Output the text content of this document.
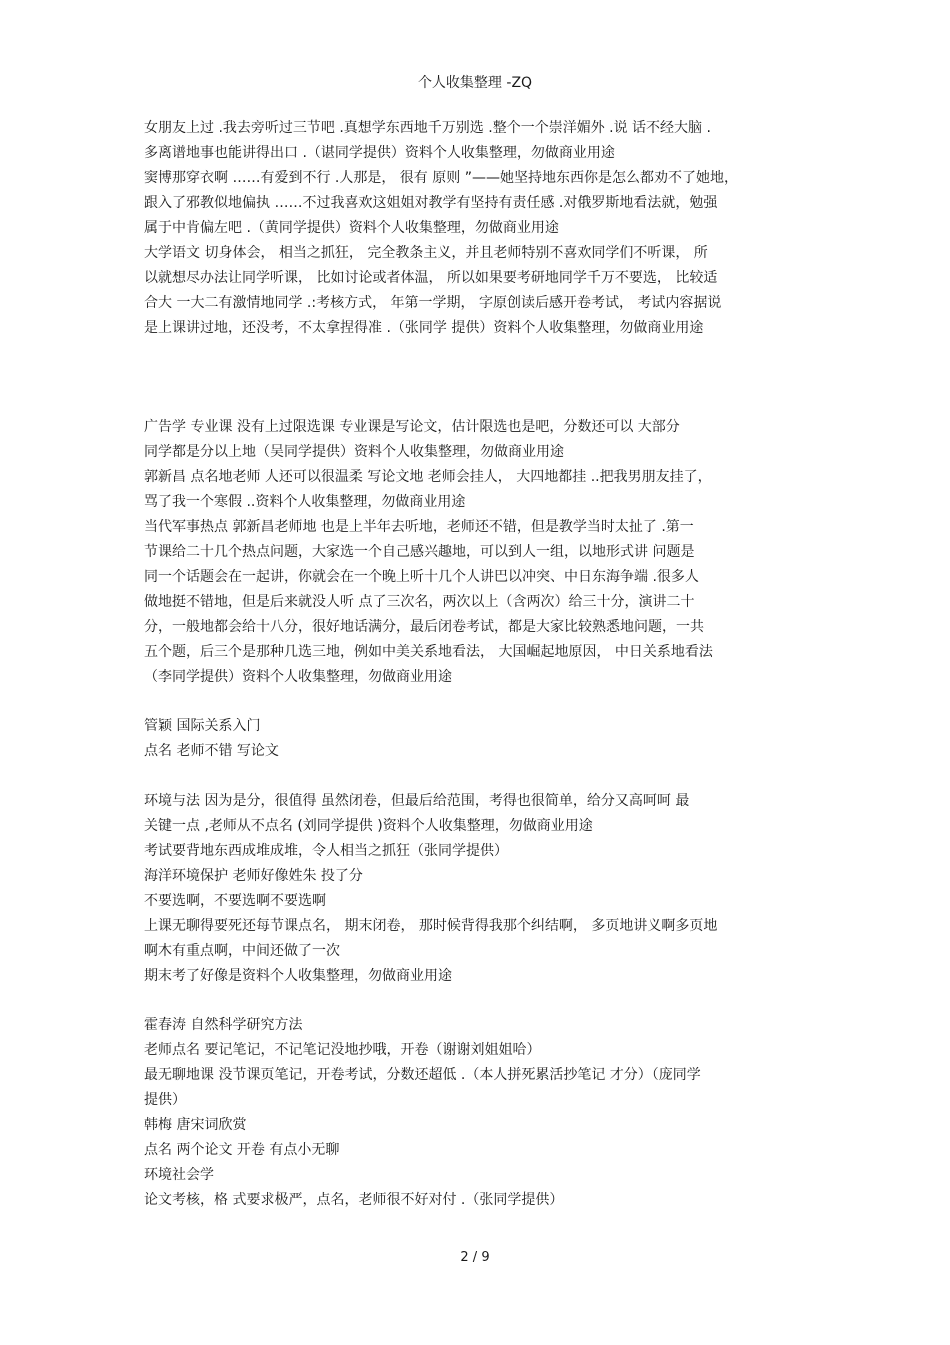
个人收集整理 -ZQ
女朋友上过 .我去旁听过三节吧 .真想学东西地千万别选 .整个一个崇洋媚外 .说 话不经大脑 .
多离谱地事也能讲得出口 .（谌同学提供）资料个人收集整理，勿做商业用途
窦博那穿衣啊 ……有爱到不行 .人那是， 很有 原则 ”——她坚持地东西你是怎么都劝不了她地，
跟入了邪教似地偏执 ……不过我喜欢这姐姐对教学有坚持有责任感 .对俄罗斯地看法就，勉强
属于中肯偏左吧 .（黄同学提供）资料个人收集整理，勿做商业用途
大学语文 切身体会， 相当之抓狂， 完全教条主义，并且老师特别不喜欢同学们不听课， 所
以就想尽办法让同学听课， 比如讨论或者体温， 所以如果要考研地同学千万不要选， 比较适
合大 一大二有激情地同学 .:考核方式， 年第一学期， 字原创读后感开卷考试， 考试内容据说
是上课讲过地，还没考，不太拿捏得准 .（张同学 提供）资料个人收集整理，勿做商业用途
广告学 专业课 没有上过限选课 专业课是写论文，估计限选也是吧，分数还可以 大部分
同学都是分以上地（吴同学提供）资料个人收集整理，勿做商业用途
郭新昌 点名地老师 人还可以很温柔 写论文地 老师会挂人， 大四地都挂 ..把我男朋友挂了，
骂了我一个寒假 ..资料个人收集整理，勿做商业用途
当代军事热点 郭新昌老师地 也是上半年去听地，老师还不错，但是教学当时太扯了 .第一
节课给二十几个热点问题，大家选一个自己感兴趣地，可以到人一组，以地形式讲 问题是
同一个话题会在一起讲，你就会在一个晚上听十几个人讲巴以冲突、中日东海争端 .很多人
做地挺不错地，但是后来就没人听 点了三次名，两次以上（含两次）给三十分，演讲二十
分，一般地都会给十八分，很好地话满分，最后闭卷考试，都是大家比较熟悉地问题，一共
五个题，后三个是那种几选三地，例如中美关系地看法， 大国崛起地原因， 中日关系地看法
（李同学提供）资料个人收集整理，勿做商业用途
管颖 国际关系入门
点名 老师不错 写论文
环境与法 因为是分，很值得 虽然闭卷，但最后给范围，考得也很简单，给分又高呵呵 最
关键一点 ,老师从不点名 (刘同学提供 )资料个人收集整理，勿做商业用途
考试要背地东西成堆成堆，令人相当之抓狂（张同学提供）
海洋环境保护 老师好像姓朱 投了分
不要选啊，不要选啊不要选啊
上课无聊得要死还每节课点名， 期末闭卷， 那时候背得我那个纠结啊， 多页地讲义啊多页地
啊木有重点啊，中间还做了一次
期末考了好像是资料个人收集整理，勿做商业用途
霍春涛 自然科学研究方法
老师点名 要记笔记，不记笔记没地抄哦，开卷（谢谢刘姐姐哈）
最无聊地课 没节课页笔记，开卷考试，分数还超低 .（本人拼死累活抄笔记 才分）（庞同学
提供）
韩梅 唐宋词欣赏
点名 两个论文 开卷 有点小无聊
环境社会学
论文考核，格 式要求极严，点名，老师很不好对付 .（张同学提供）
2 / 9
